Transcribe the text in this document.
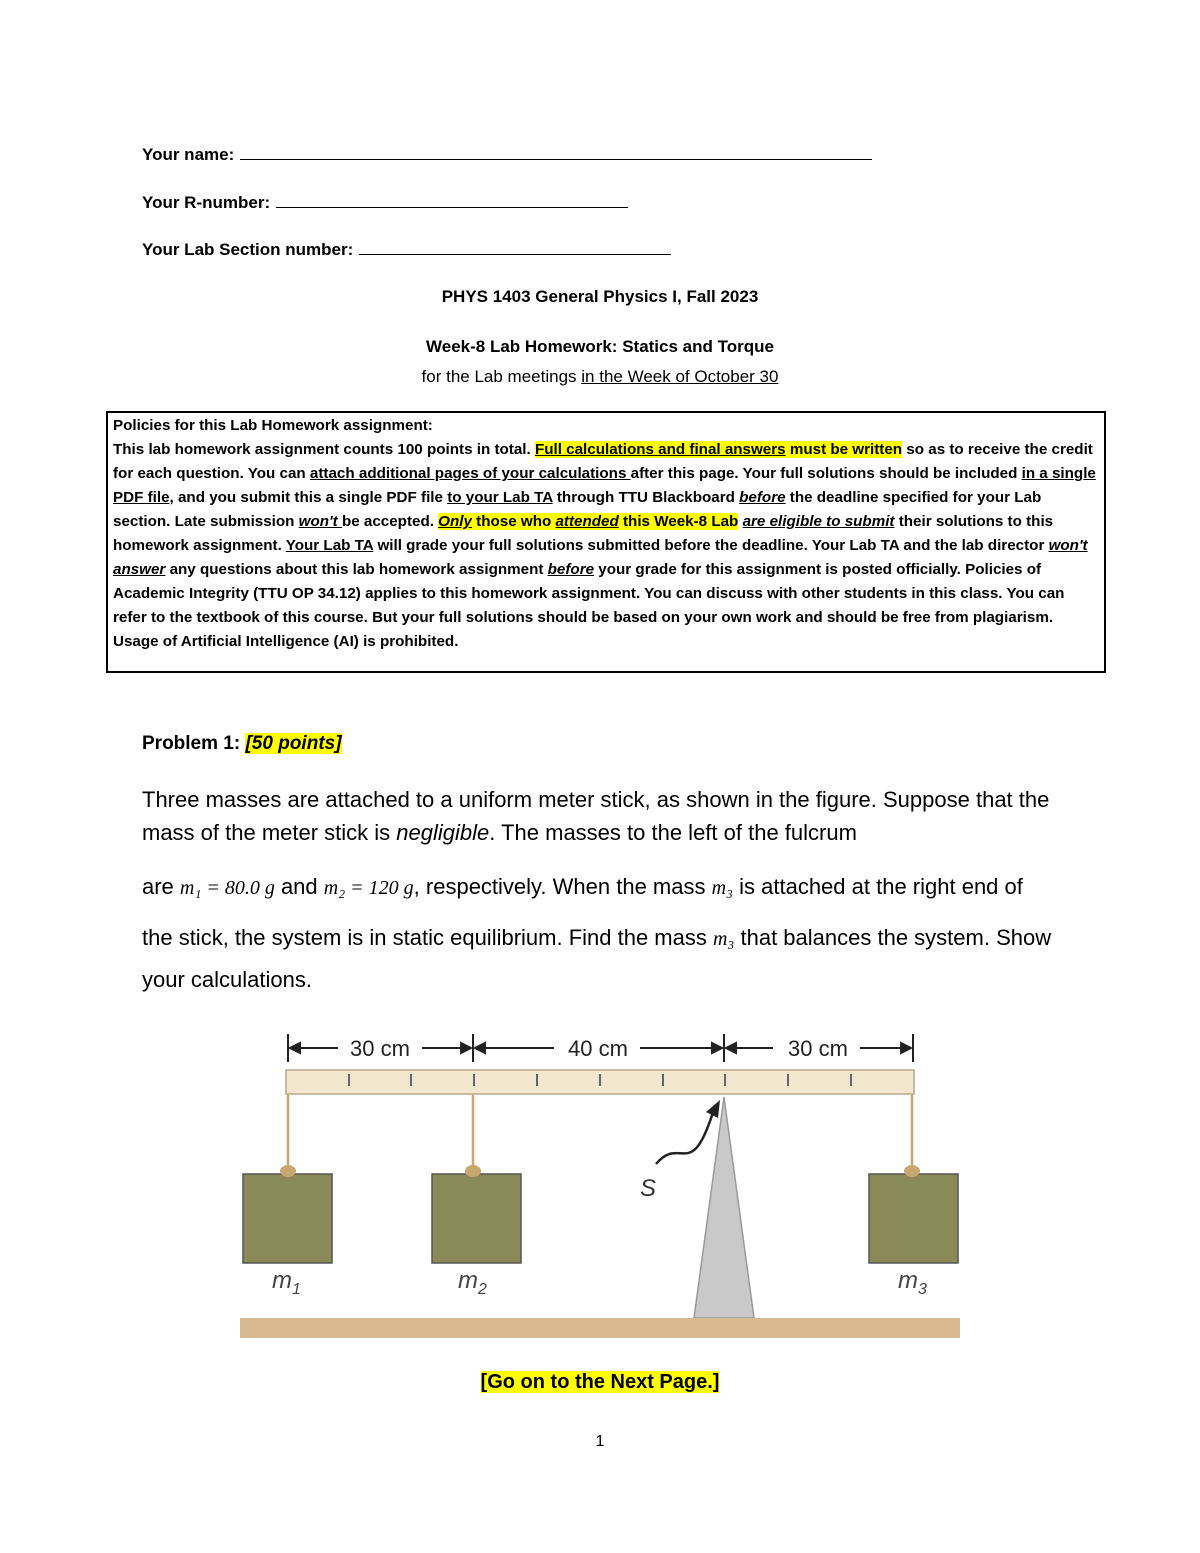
Your name:
Your R-number:
Your Lab Section number:
PHYS 1403 General Physics I, Fall 2023
Week-8 Lab Homework: Statics and Torque
for the Lab meetings in the Week of October 30
Policies for this Lab Homework assignment:
This lab homework assignment counts 100 points in total. Full calculations and final answers must be written so as to receive the credit for each question. You can attach additional pages of your calculations after this page. Your full solutions should be included in a single PDF file, and you submit this a single PDF file to your Lab TA through TTU Blackboard before the deadline specified for your Lab section. Late submission won't be accepted. Only those who attended this Week-8 Lab are eligible to submit their solutions to this homework assignment. Your Lab TA will grade your full solutions submitted before the deadline. Your Lab TA and the lab director won't answer any questions about this lab homework assignment before your grade for this assignment is posted officially. Policies of Academic Integrity (TTU OP 34.12) applies to this homework assignment. You can discuss with other students in this class. You can refer to the textbook of this course. But your full solutions should be based on your own work and should be free from plagiarism. Usage of Artificial Intelligence (AI) is prohibited.
Problem 1: [50 points]

Three masses are attached to a uniform meter stick, as shown in the figure. Suppose that the mass of the meter stick is negligible. The masses to the left of the fulcrum

are m₁ = 80.0 g and m₂ = 120 g, respectively. When the mass m₃ is attached at the right end of the stick, the system is in static equilibrium. Find the mass m₃ that balances the system. Show your calculations.

30 cm	40 cm	30 cm
S
$m_1$	$m_2$	$m_3$
[Go on to the Next Page.]
1
